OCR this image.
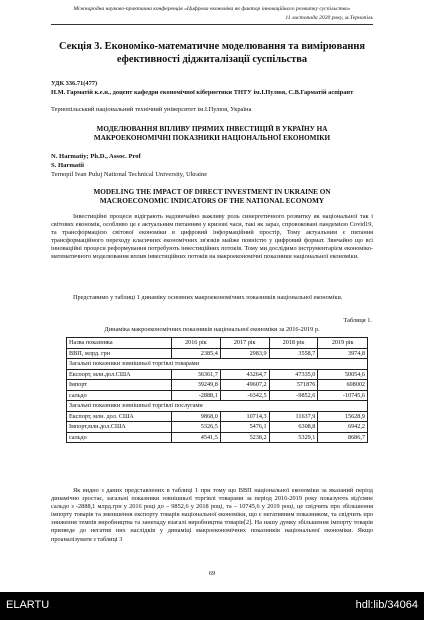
Міжнародна науково-практична конференція «Цифрова економіка як фактор інноваційного розвитку суспільства»
11 листопада 2020 року, м.Тернопіль
Секція 3. Економіко-математичне моделювання та вимірювання ефективності діджиталізації суспільства
УДК 336.71(477)
Н.М. Гарматій к.е.н., доцент кафедри економічної кібернетики ТНТУ ім.І.Пулюя, С.В.Гарматій аспірант
Тернопільський національний технічний університет ім.І.Пулюя, Україна
МОДЕЛЮВАННЯ ВПЛИВУ ПРЯМИХ ІНВЕСТИЦІЙ В УКРАЇНУ НА МАКРОЕКОНОМІЧНІ ПОКАЗНИКИ НАЦІОНАЛЬНОЇ ЕКОНОМІКИ
N. Harmatiy; Ph.D., Assoc. Prof
S. Harmatii
Ternopil Ivan Puluj National Technical University, Ukraine
MODELING THE IMPACT OF DIRECT INVESTMENT IN UKRAINE ON MACROECONOMIC INDICATORS OF THE NATIONAL ECONOMY
Інвестиційні процеси відіграють надзвичайно важливу роль синергетичного розвитку як національної так і світових економік, особливо це є актуальним питанням у кризові часи, такі як зараз, спровоковані пандемією Covid19, та трансформацією світової економіки в цифровий інформаційний простір, Тому актуальним є питання трансформаційного переходу класичних економічних зв'язків майже повністю у цифровий формат. Звичайно що всі інноваційні процеси реформування потребують інвестиційних потоків. Тому ми дослідимо інструментарієм економіко-математичного моделювання вплив інвестиційних потоків на макроекономічні показники національної економіки.
Представимо у таблиці 1 динаміку основних макроекономічних показників національної економіки.
Таблиця 1.
Динаміка макроекономічних показників національної економіки за 2016-2019 р.
Назва показника	2016 рік	2017 рік	2018 рік	2019 рік
ВВП, млрд. грн	2385,4	2983,9	3558,7	3974,8
Загальні показники зовнішньої торгівлі товарами				
Експорт, млн.дол.США	36361,7	43264,7	47335,0	50054,6
Імпорт	39249,8	49607,2	571876	608002
сальдо	-2888,1	-6342,5	-9852,6	-10745,6
Загальні показники зовнішньої торгівлі послугами				
Експорт, млн. дол. США	9868,0	10714,3	11637,9	15628,9
Імпорт,млн.дол.США	5326,5	5476,1	6308,8	6942,2
сальдо	4541,5	5238,2	5329,1	8686,7
Як видно з даних представлених в таблиці 1 при тому що ВВП національної економіки за вказаний період динамічно зростає, загальні показники зовнішньої торгівлі товарами за період 2016-2019 року показують від'ємне сальдо з -2888,1 млрд.грн у 2016 році до – 9852,6 у 2018 році, та – 10745,6 у 2019 році, це свідчить про збільшення імпорту товарів та зменшення експорту товарів національної економіки, що є негативним показником, та свідчить про зниження темпів виробництва та занепаду взагалі виробництва товарів[2]. На нашу думку збільшення імпорту товарів призведе до негатив них наслідків у динаміці макроекономічних показників національної економіки. Якщо проаналізувати з таблиці 3
69
ELARTU	hdl:lib/34064
